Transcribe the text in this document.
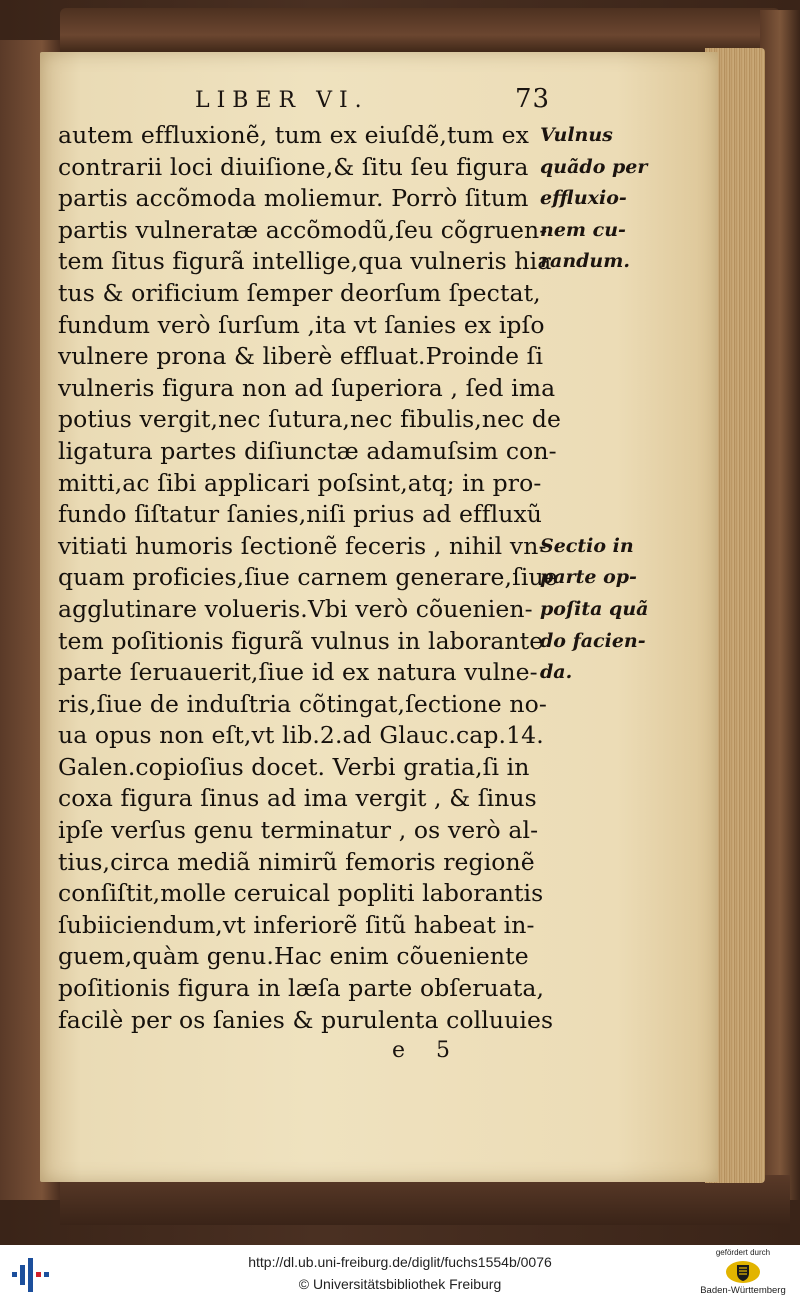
LIBER VI.	73
autem effluxionẽ, tum ex eiuſdẽ,tum ex
contrarii loci diuiſione,& ſitu ſeu figura
partis accõmoda moliemur. Porrò ſitum
partis vulneratæ accõmodũ,ſeu cõgruen-
tem ſitus figurã intellige,qua vulneris hia
tus & orificium ſemper deorſum ſpectat,
fundum verò ſurſum ,ita vt ſanies ex ipſo
vulnere prona & liberè effluat.Proinde ſi
vulneris figura non ad ſuperiora , ſed ima
potius vergit,nec ſutura,nec fibulis,nec de
ligatura partes diſiunctæ adamuſsim con-
mitti,ac ſibi applicari poſsint,atq; in pro-
fundo ſiſtatur ſanies,niſi prius ad effluxũ
vitiati humoris ſectionẽ feceris , nihil vn-
quam proficies,ſiue carnem generare,ſiue
agglutinare volueris.Vbi verò cõuenien-
tem poſitionis figurã vulnus in laborante
parte ſeruauerit,ſiue id ex natura vulne-
ris,ſiue de induſtria cõtingat,ſectione no-
ua opus non eſt,vt lib.2.ad Glauc.cap.14.
Galen.copioſius docet. Verbi gratia,ſi in
coxa figura ſinus ad ima vergit , & ſinus
ipſe verſus genu terminatur , os verò al-
tius,circa mediã nimirũ femoris regionẽ
conſiſtit,molle ceruical popliti laborantis
ſubiiciendum,vt inferiorẽ ſitũ habeat in-
guem,quàm genu.Hac enim cõueniente
poſitionis figura in læſa parte obſeruata,
facilè per os ſanies & purulenta colluuies
Vulnus
quãdo per
effluxio-
nem cu-
randum.
Sectio in
parte op-
poſita quã
do facien-
da.
e 5
http://dl.ub.uni-freiburg.de/diglit/fuchs1554b/0076
© Universitätsbibliothek Freiburg
gefördert durch
Baden-Württemberg
